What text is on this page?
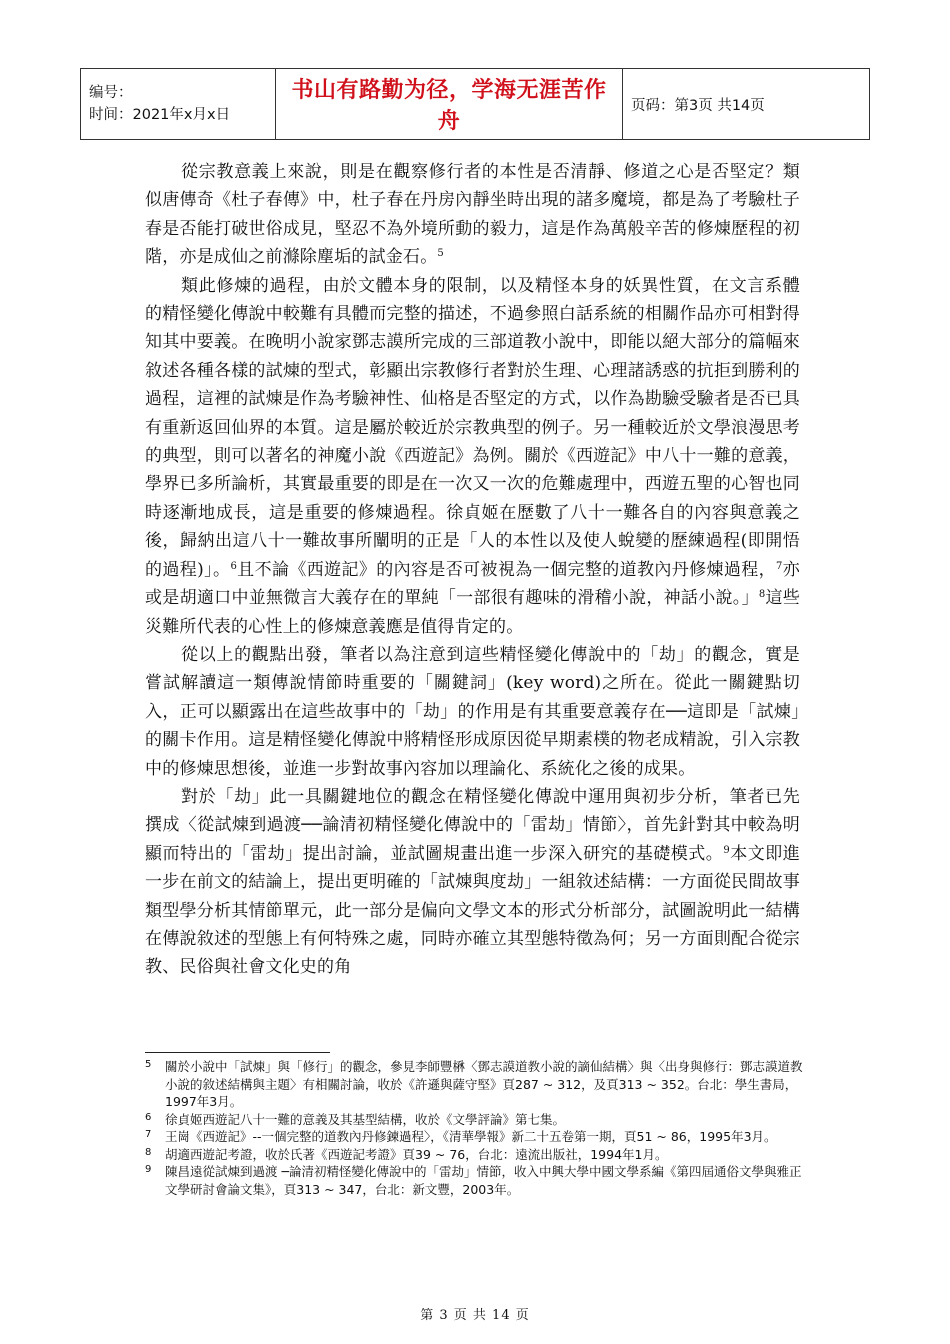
编号：
时间：2021年x月x日
	书山有路勤为径，学海无涯苦作舟	页码：第3页 共14页

從宗教意義上來說，則是在觀察修行者的本性是否清靜、修道之心是否堅定？類似唐傳奇《杜子春傳》中，杜子春在丹房內靜坐時出現的諸多魔境，都是為了考驗杜子春是否能打破世俗成見，堅忍不為外境所動的毅力，這是作為萬般辛苦的修煉歷程的初階，亦是成仙之前滌除塵垢的試金石。$^5$

類此修煉的過程，由於文體本身的限制，以及精怪本身的妖異性質，在文言系體的精怪變化傳說中較難有具體而完整的描述，不過參照白話系統的相關作品亦可相對得知其中要義。在晚明小說家鄧志謨所完成的三部道教小說中，即能以絕大部分的篇幅來敘述各種各樣的試煉的型式，彰顯出宗教修行者對於生理、心理諸誘惑的抗拒到勝利的過程，這裡的試煉是作為考驗神性、仙格是否堅定的方式，以作為勘驗受驗者是否已具有重新返回仙界的本質。這是屬於較近於宗教典型的例子。另一種較近於文學浪漫思考的典型，則可以著名的神魔小說《西遊記》為例。關於《西遊記》中八十一難的意義，學界已多所論析，其實最重要的即是在一次又一次的危難處理中，西遊五聖的心智也同時逐漸地成長，這是重要的修煉過程。徐貞姬在歷數了八十一難各自的內容與意義之後，歸納出這八十一難故事所闡明的正是「人的本性以及使人蛻變的歷練過程(即開悟的過程)」。$^6$且不論《西遊記》的內容是否可被視為一個完整的道教內丹修煉過程，$^7$亦或是胡適口中並無微言大義存在的單純「一部很有趣味的滑稽小說，神話小說。」$^8$這些災難所代表的心性上的修煉意義應是值得肯定的。

從以上的觀點出發，筆者以為注意到這些精怪變化傳說中的「劫」的觀念，實是嘗試解讀這一類傳說情節時重要的「關鍵詞」(key word)之所在。從此一關鍵點切入，正可以顯露出在這些故事中的「劫」的作用是有其重要意義存在──這即是「試煉」的關卡作用。這是精怪變化傳說中將精怪形成原因從早期素樸的物老成精說，引入宗教中的修煉思想後，並進一步對故事內容加以理論化、系統化之後的成果。

對於「劫」此一具關鍵地位的觀念在精怪變化傳說中運用與初步分析，筆者已先撰成〈從試煉到過渡──論清初精怪變化傳說中的「雷劫」情節〉，首先針對其中較為明顯而特出的「雷劫」提出討論，並試圖規畫出進一步深入研究的基礎模式。$^9$本文即進一步在前文的結論上，提出更明確的「試煉與度劫」一組敘述結構：一方面從民間故事類型學分析其情節單元，此一部分是偏向文學文本的形式分析部分，試圖說明此一結構在傳說敘述的型態上有何特殊之處，同時亦確立其型態特徵為何；另一方面則配合從宗教、民俗與社會文化史的角

5 關於小說中「試煉」與「修行」的觀念，參見李師豐楙〈鄧志謨道教小說的謫仙結構〉與〈出身與修行：鄧志謨道教小說的敘述結構與主題〉有相關討論，收於《許遜與薩守堅》頁287 ~ 312，及頁313 ~ 352。台北：學生書局，1997年3月。
6 徐貞姬西遊記八十一難的意義及其基型結構，收於《文學評論》第七集。
7 王崗《西遊記》--一個完整的道教內丹修鍊過程〉，《清華學報》新二十五卷第一期，頁51 ~ 86，1995年3月。
8 胡適西遊記考證，收於氏著《西遊記考證》頁39 ~ 76，台北：遠流出版社，1994年1月。
9 陳昌遠從試煉到過渡 ─論清初精怪變化傳說中的「雷劫」情節，收入中興大學中國文學系編《第四屆通俗文學與雅正文學研討會論文集》，頁313 ~ 347，台北：新文豐，2003年。
第 3 页 共 14 页
